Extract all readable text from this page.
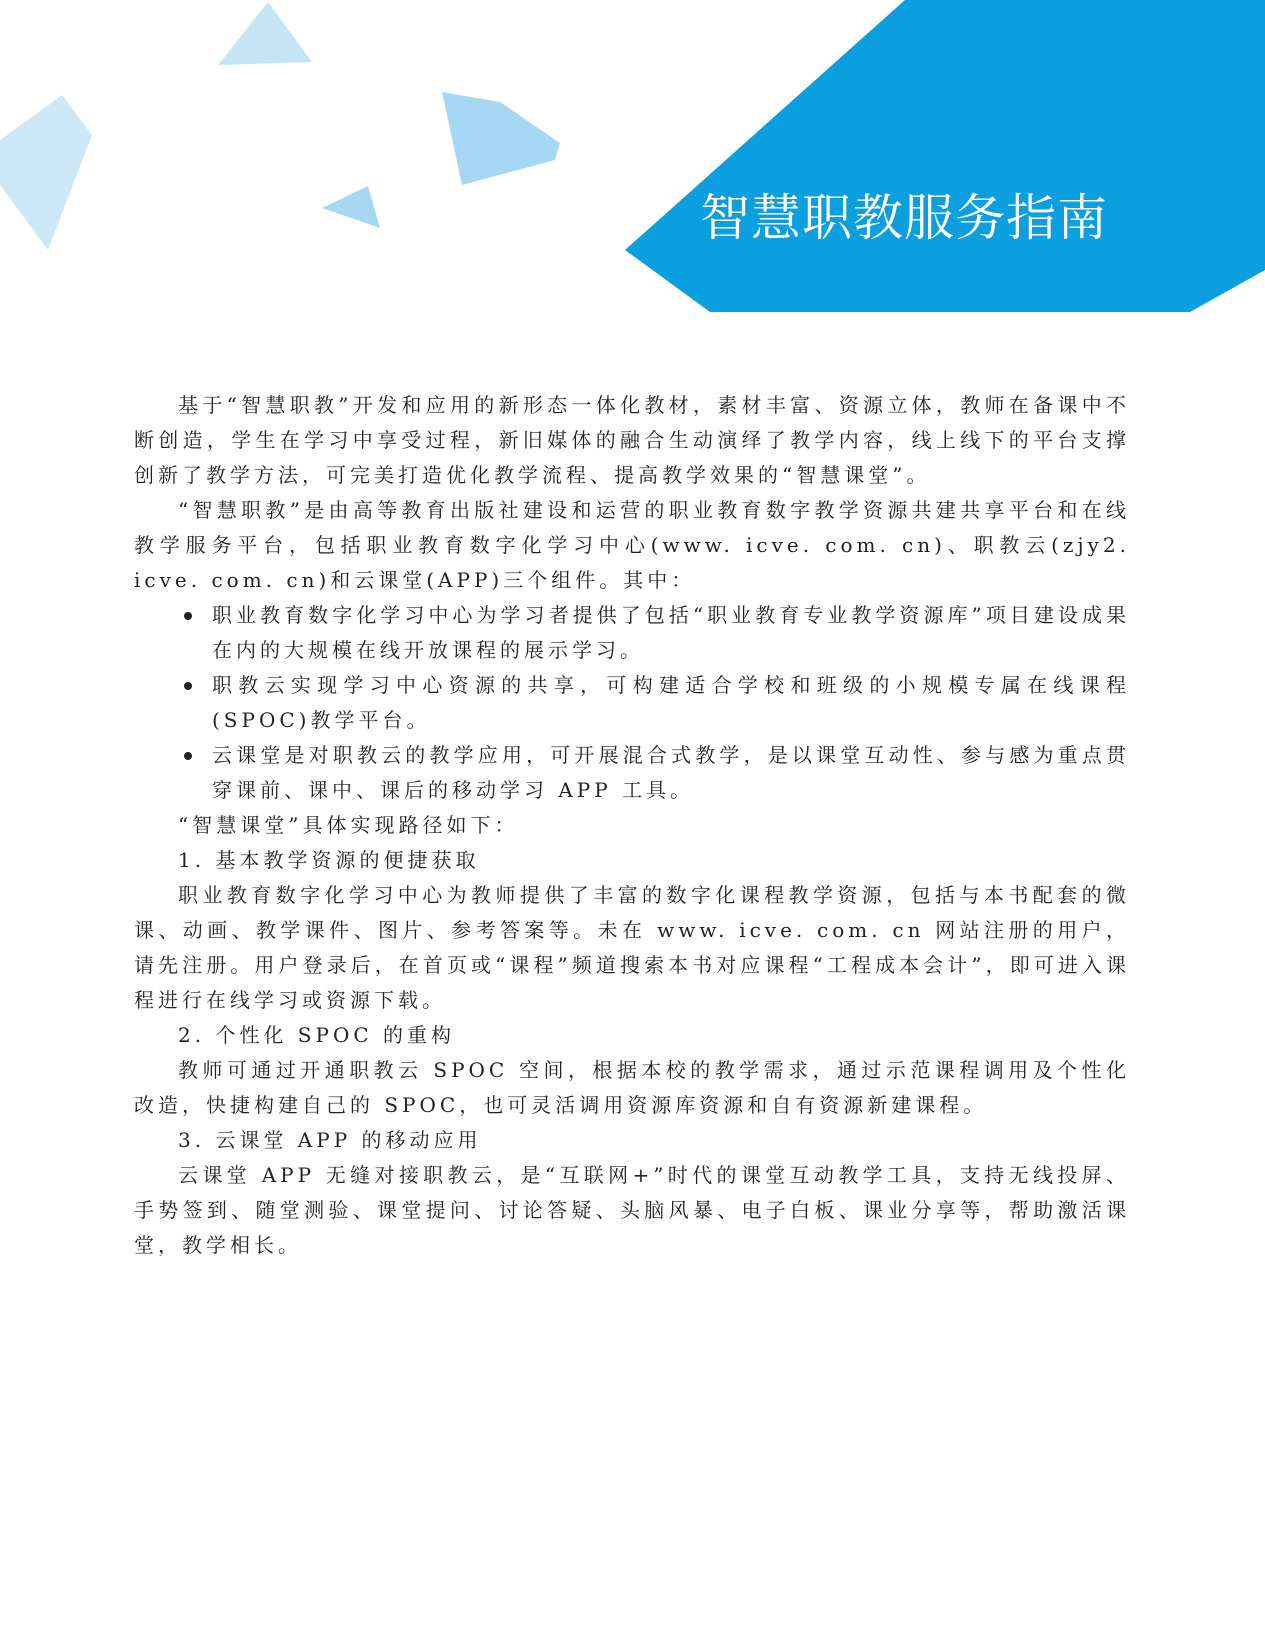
智慧职教服务指南

基于“智慧职教”开发和应用的新形态一体化教材，素材丰富、资源立体，教师在备课中不断创造，学生在学习中享受过程，新旧媒体的融合生动演绎了教学内容，线上线下的平台支撑创新了教学方法，可完美打造优化教学流程、提高教学效果的“智慧课堂”。

“智慧职教”是由高等教育出版社建设和运营的职业教育数字教学资源共建共享平台和在线教学服务平台，包括职业教育数字化学习中心(www. icve. com. cn)、职教云(zjy2. icve. com. cn)和云课堂(APP)三个组件。其中：

职业教育数字化学习中心为学习者提供了包括“职业教育专业教学资源库”项目建设成果在内的大规模在线开放课程的展示学习。
职教云实现学习中心资源的共享，可构建适合学校和班级的小规模专属在线课程(SPOC)教学平台。
云课堂是对职教云的教学应用，可开展混合式教学，是以课堂互动性、参与感为重点贯穿课前、课中、课后的移动学习 APP 工具。

“智慧课堂”具体实现路径如下：

1. 基本教学资源的便捷获取

职业教育数字化学习中心为教师提供了丰富的数字化课程教学资源，包括与本书配套的微课、动画、教学课件、图片、参考答案等。未在 www. icve. com. cn 网站注册的用户，请先注册。用户登录后，在首页或“课程”频道搜索本书对应课程“工程成本会计”，即可进入课程进行在线学习或资源下载。

2. 个性化 SPOC 的重构

教师可通过开通职教云 SPOC 空间，根据本校的教学需求，通过示范课程调用及个性化改造，快捷构建自己的 SPOC，也可灵活调用资源库资源和自有资源新建课程。

3. 云课堂 APP 的移动应用

云课堂 APP 无缝对接职教云，是“互联网+”时代的课堂互动教学工具，支持无线投屏、手势签到、随堂测验、课堂提问、讨论答疑、头脑风暴、电子白板、课业分享等，帮助激活课堂，教学相长。
